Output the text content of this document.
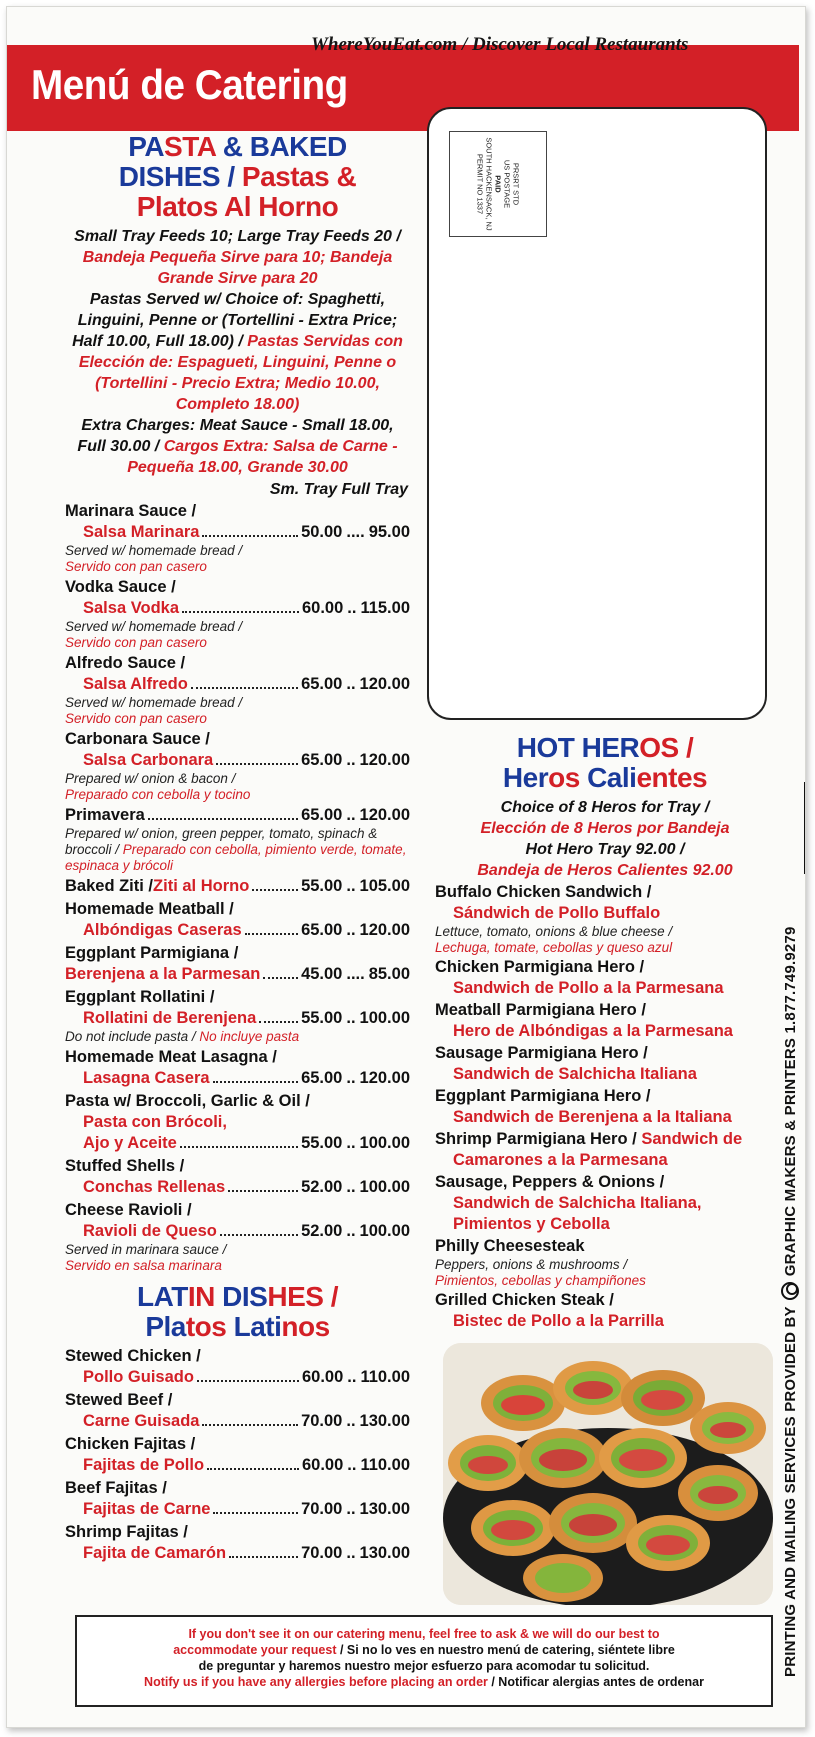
WhereYouEat.com / Discover Local Restaurants
Menú de Catering
PASTA & BAKED
DISHES / Pastas &
Platos Al Horno
Small Tray Feeds 10; Large Tray Feeds 20 / Bandeja Pequeña Sirve para 10; Bandeja Grande Sirve para 20
Pastas Served w/ Choice of: Spaghetti, Linguini, Penne or (Tortellini - Extra Price; Half 10.00, Full 18.00) / Pastas Servidas con Elección de: Espagueti, Linguini, Penne o (Tortellini - Precio Extra; Medio 10.00, Completo 18.00)
Extra Charges: Meat Sauce - Small 18.00, Full 30.00 / Cargos Extra: Salsa de Carne - Pequeña 18.00, Grande 30.00
Sm. Tray Full Tray
Marinara Sauce /
Salsa Marinara	50.00 .... 95.00
Served w/ homemade bread /
Servido con pan casero
Vodka Sauce /
Salsa Vodka	60.00 .. 115.00
Served w/ homemade bread /
Servido con pan casero
Alfredo Sauce /
Salsa Alfredo	65.00 .. 120.00
Served w/ homemade bread /
Servido con pan casero
Carbonara Sauce /
Salsa Carbonara	65.00 .. 120.00
Prepared w/ onion & bacon /
Preparado con cebolla y tocino
Primavera	65.00 .. 120.00
Prepared w/ onion, green pepper, tomato, spinach & broccoli / Preparado con cebolla, pimiento verde, tomate, espinaca y brócoli
Baked Ziti / Ziti al Horno	55.00 .. 105.00
Homemade Meatball /
Albóndigas Caseras	65.00 .. 120.00
Eggplant Parmigiana /
Berenjena a la Parmesan 45.00 .... 85.00
Eggplant Rollatini /
Rollatini de Berenjena	55.00 .. 100.00
Do not include pasta / No incluye pasta
Homemade Meat Lasagna /
Lasagna Casera	65.00 .. 120.00
Pasta w/ Broccoli, Garlic & Oil /
Pasta con Brócoli,
Ajo y Aceite	55.00 .. 100.00
Stuffed Shells /
Conchas Rellenas	52.00 .. 100.00
Cheese Ravioli /
Ravioli de Queso	52.00 .. 100.00
Served in marinara sauce /
Servido en salsa marinara
LATIN DISHES /
Platos Latinos
Stewed Chicken /
Pollo Guisado	60.00 .. 110.00
Stewed Beef /
Carne Guisada	70.00 .. 130.00
Chicken Fajitas /
Fajitas de Pollo	60.00 .. 110.00
Beef Fajitas /
Fajitas de Carne	70.00 .. 130.00
Shrimp Fajitas /
Fajita de Camarón	70.00 .. 130.00
PRSRT STD
US POSTAGE
PAID
SOUTH HACKENSACK, NJ
PERMIT NO 1337
HOT HEROS /
Heros Calientes
Choice of 8 Heros for Tray /
Elección de 8 Heros por Bandeja
Hot Hero Tray 92.00 /
Bandeja de Heros Calientes 92.00
Buffalo Chicken Sandwich /
Sándwich de Pollo Buffalo
Lettuce, tomato, onions & blue cheese /
Lechuga, tomate, cebollas y queso azul
Chicken Parmigiana Hero /
Sandwich de Pollo a la Parmesana
Meatball Parmigiana Hero /
Hero de Albóndigas a la Parmesana
Sausage Parmigiana Hero /
Sandwich de Salchicha Italiana
Eggplant Parmigiana Hero /
Sandwich de Berenjena a la Italiana
Shrimp Parmigiana Hero / Sandwich de
Camarones a la Parmesana
Sausage, Peppers & Onions /
Sandwich de Salchicha Italiana,
Pimientos y Cebolla
Philly Cheesesteak
Peppers, onions & mushrooms /
Pimientos, cebollas y champiñones
Grilled Chicken Steak /
Bistec de Pollo a la Parrilla	PRINTING AND MAILING SERVICES PROVIDED BYGRAPHIC MAKERS & PRINTERS 1.877.749.9279
If you don't see it on our catering menu, feel free to ask & we will do our best to
accommodate your request / Si no lo ves en nuestro menú de catering, siéntete libre
de preguntar y haremos nuestro mejor esfuerzo para acomodar tu solicitud.
Notify us if you have any allergies before placing an order / Notificar alergias antes de ordenar
